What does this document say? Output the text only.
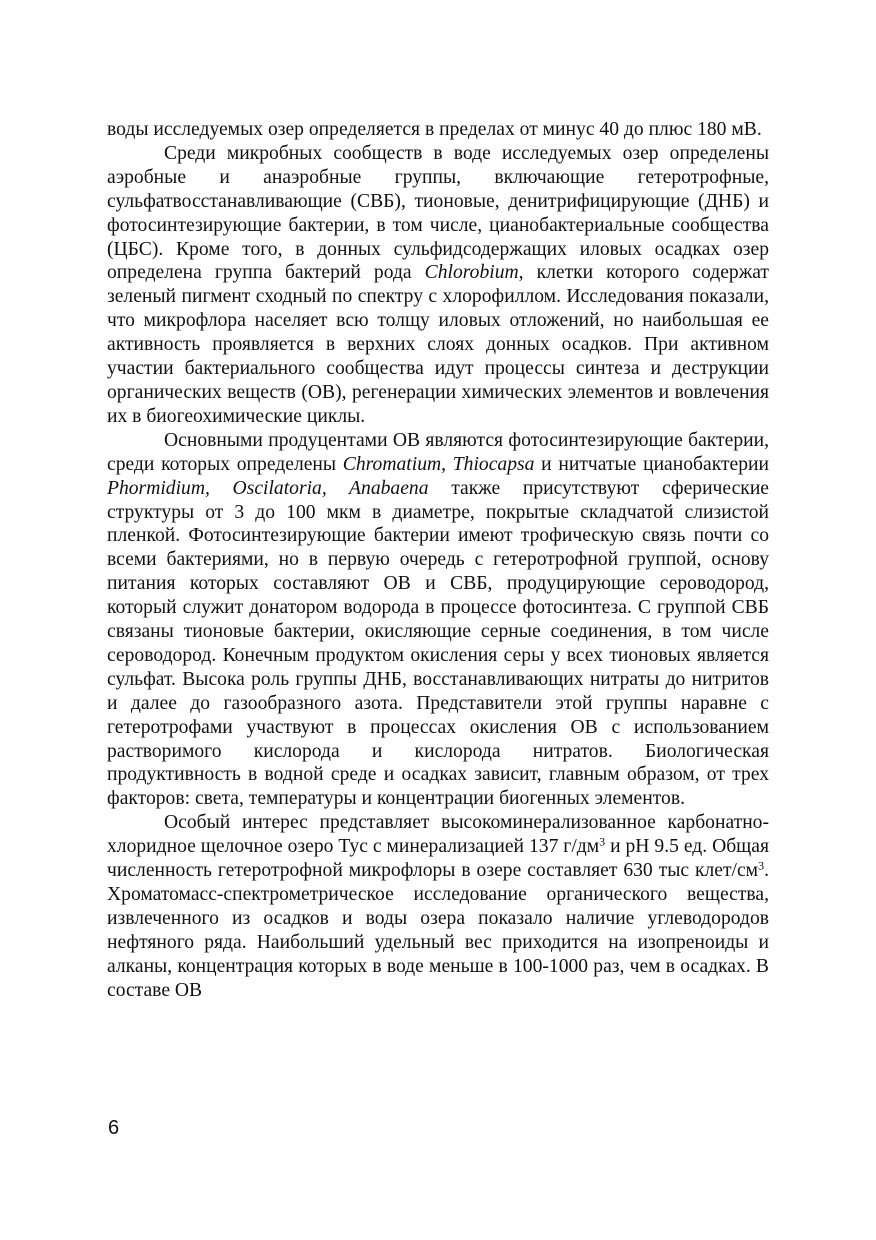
воды исследуемых озер определяется в пределах от минус 40 до плюс 180 мВ.

Среди микробных сообществ в воде исследуемых озер определены аэробные и анаэробные группы, включающие гетеротрофные, сульфатвосстанавливающие (СВБ), тионовые, денитрифицирующие (ДНБ) и фотосинтезирующие бактерии, в том числе, цианобактериальные сообщества (ЦБС). Кроме того, в донных сульфидсодержащих иловых осадках озер определена группа бактерий рода Chlorobium, клетки которого содержат зеленый пигмент сходный по спектру с хлорофиллом. Исследования показали, что микрофлора населяет всю толщу иловых отложений, но наибольшая ее активность проявляется в верхних слоях донных осадков. При активном участии бактериального сообщества идут процессы синтеза и деструкции органических веществ (ОВ), регенерации химических элементов и вовлечения их в биогеохимические циклы.

Основными продуцентами ОВ являются фотосинтезирующие бактерии, среди которых определены Chromatium, Thiocapsa и нитчатые цианобактерии Phormidium, Oscilatoria, Anabaena также присутствуют сферические структуры от 3 до 100 мкм в диаметре, покрытые складчатой слизистой пленкой. Фотосинтезирующие бактерии имеют трофическую связь почти со всеми бактериями, но в первую очередь с гетеротрофной группой, основу питания которых составляют ОВ и СВБ, продуцирующие сероводород, который служит донатором водорода в процессе фотосинтеза. С группой СВБ связаны тионовые бактерии, окисляющие серные соединения, в том числе сероводород. Конечным продуктом окисления серы у всех тионовых является сульфат. Высока роль группы ДНБ, восстанавливающих нитраты до нитритов и далее до газообразного азота. Представители этой группы наравне с гетеротрофами участвуют в процессах окисления ОВ с использованием растворимого кислорода и кислорода нитратов. Биологическая продуктивность в водной среде и осадках зависит, главным образом, от трех факторов: света, температуры и концентрации биогенных элементов.

Особый интерес представляет высокоминерализованное карбонатно-хлоридное щелочное озеро Тус с минерализацией 137 $г/дм^3$ и рН 9.5 ед. Общая численность гетеротрофной микрофлоры в озере составляет 630 тыс клет/$см^3$. Хроматомасс-спектрометрическое исследование органического вещества, извлеченного из осадков и воды озера показало наличие углеводородов нефтяного ряда. Наибольший удельный вес приходится на изопреноиды и алканы, концентрация которых в воде меньше в 100-1000 раз, чем в осадках. В составе ОВ

6
